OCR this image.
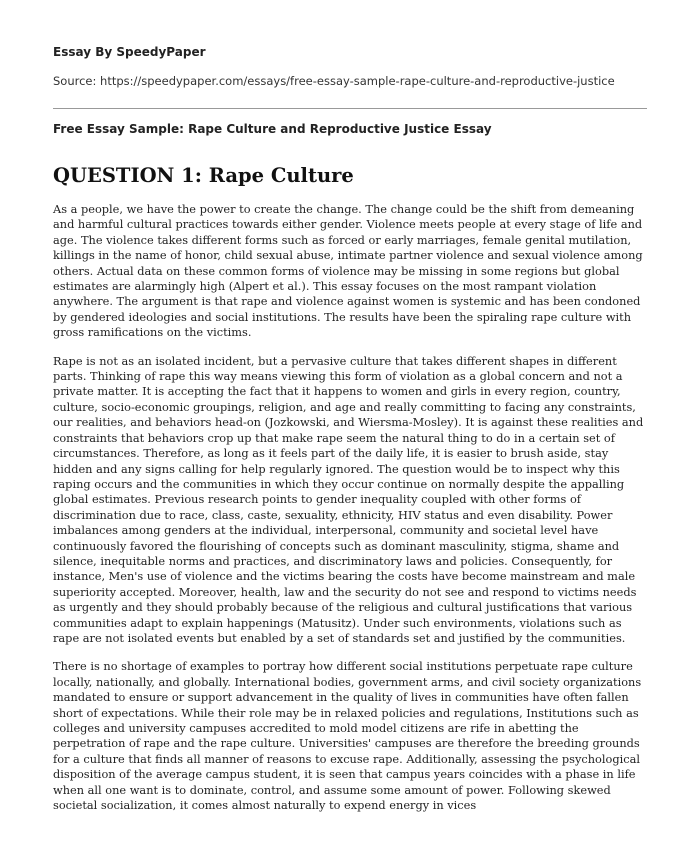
Essay By SpeedyPaper

Source: https://speedypaper.com/essays/free-essay-sample-rape-culture-and-reproductive-justice

Free Essay Sample: Rape Culture and Reproductive Justice Essay

QUESTION 1: Rape Culture

As a people, we have the power to create the change. The change could be the shift from demeaning and harmful cultural practices towards either gender. Violence meets people at every stage of life and age. The violence takes different forms such as forced or early marriages, female genital mutilation, killings in the name of honor, child sexual abuse, intimate partner violence and sexual violence among others. Actual data on these common forms of violence may be missing in some regions but global estimates are alarmingly high (Alpert et al.). This essay focuses on the most rampant violation anywhere. The argument is that rape and violence against women is systemic and has been condoned by gendered ideologies and social institutions. The results have been the spiraling rape culture with gross ramifications on the victims.

Rape is not as an isolated incident, but a pervasive culture that takes different shapes in different parts. Thinking of rape this way means viewing this form of violation as a global concern and not a private matter. It is accepting the fact that it happens to women and girls in every region, country, culture, socio-economic groupings, religion, and age and really committing to facing any constraints, our realities, and behaviors head-on (Jozkowski, and Wiersma-Mosley). It is against these realities and constraints that behaviors crop up that make rape seem the natural thing to do in a certain set of circumstances. Therefore, as long as it feels part of the daily life, it is easier to brush aside, stay hidden and any signs calling for help regularly ignored. The question would be to inspect why this raping occurs and the communities in which they occur continue on normally despite the appalling global estimates. Previous research points to gender inequality coupled with other forms of discrimination due to race, class, caste, sexuality, ethnicity, HIV status and even disability. Power imbalances among genders at the individual, interpersonal, community and societal level have continuously favored the flourishing of concepts such as dominant masculinity, stigma, shame and silence, inequitable norms and practices, and discriminatory laws and policies. Consequently, for instance, Men's use of violence and the victims bearing the costs have become mainstream and male superiority accepted. Moreover, health, law and the security do not see and respond to victims needs as urgently and they should probably because of the religious and cultural justifications that various communities adapt to explain happenings (Matusitz). Under such environments, violations such as rape are not isolated events but enabled by a set of standards set and justified by the communities.

There is no shortage of examples to portray how different social institutions perpetuate rape culture locally, nationally, and globally. International bodies, government arms, and civil society organizations mandated to ensure or support advancement in the quality of lives in communities have often fallen short of expectations. While their role may be in relaxed policies and regulations, Institutions such as colleges and university campuses accredited to mold model citizens are rife in abetting the perpetration of rape and the rape culture. Universities' campuses are therefore the breeding grounds for a culture that finds all manner of reasons to excuse rape. Additionally, assessing the psychological disposition of the average campus student, it is seen that campus years coincides with a phase in life when all one want is to dominate, control, and assume some amount of power. Following skewed societal socialization, it comes almost naturally to expend energy in vices
